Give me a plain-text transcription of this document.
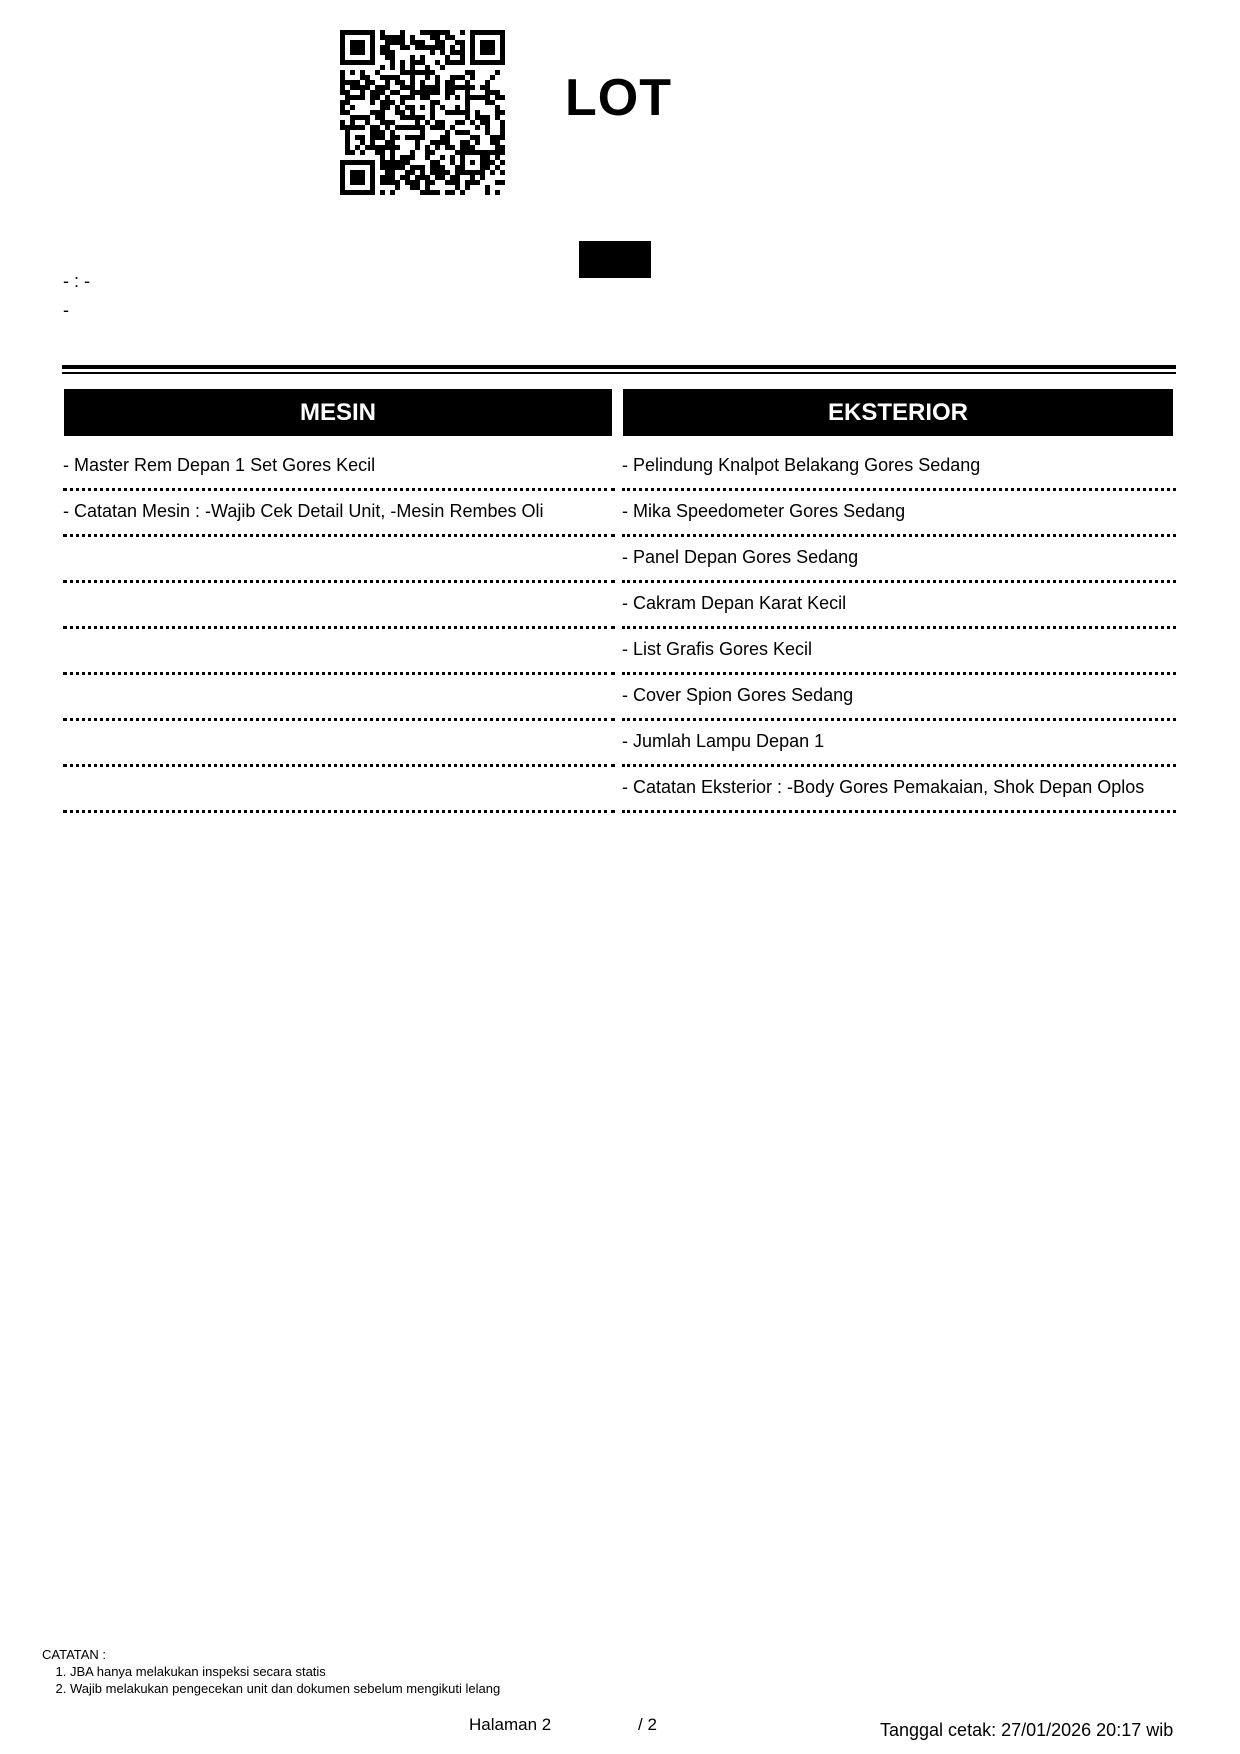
LOT
- : -
-
MESIN
- Master Rem Depan 1 Set Gores Kecil
- Catatan Mesin : -Wajib Cek Detail Unit, -Mesin Rembes Oli
EKSTERIOR
- Pelindung Knalpot Belakang Gores Sedang
- Mika Speedometer Gores Sedang
- Panel Depan Gores Sedang
- Cakram Depan Karat Kecil
- List Grafis Gores Kecil
- Cover Spion Gores Sedang
- Jumlah Lampu Depan 1
- Catatan Eksterior : -Body Gores Pemakaian, Shok Depan Oplos
CATATAN :
1. JBA hanya melakukan inspeksi secara statis
2. Wajib melakukan pengecekan unit dan dokumen sebelum mengikuti lelang
Halaman 2	/ 2	Tanggal cetak: 27/01/2026 20:17 wib
